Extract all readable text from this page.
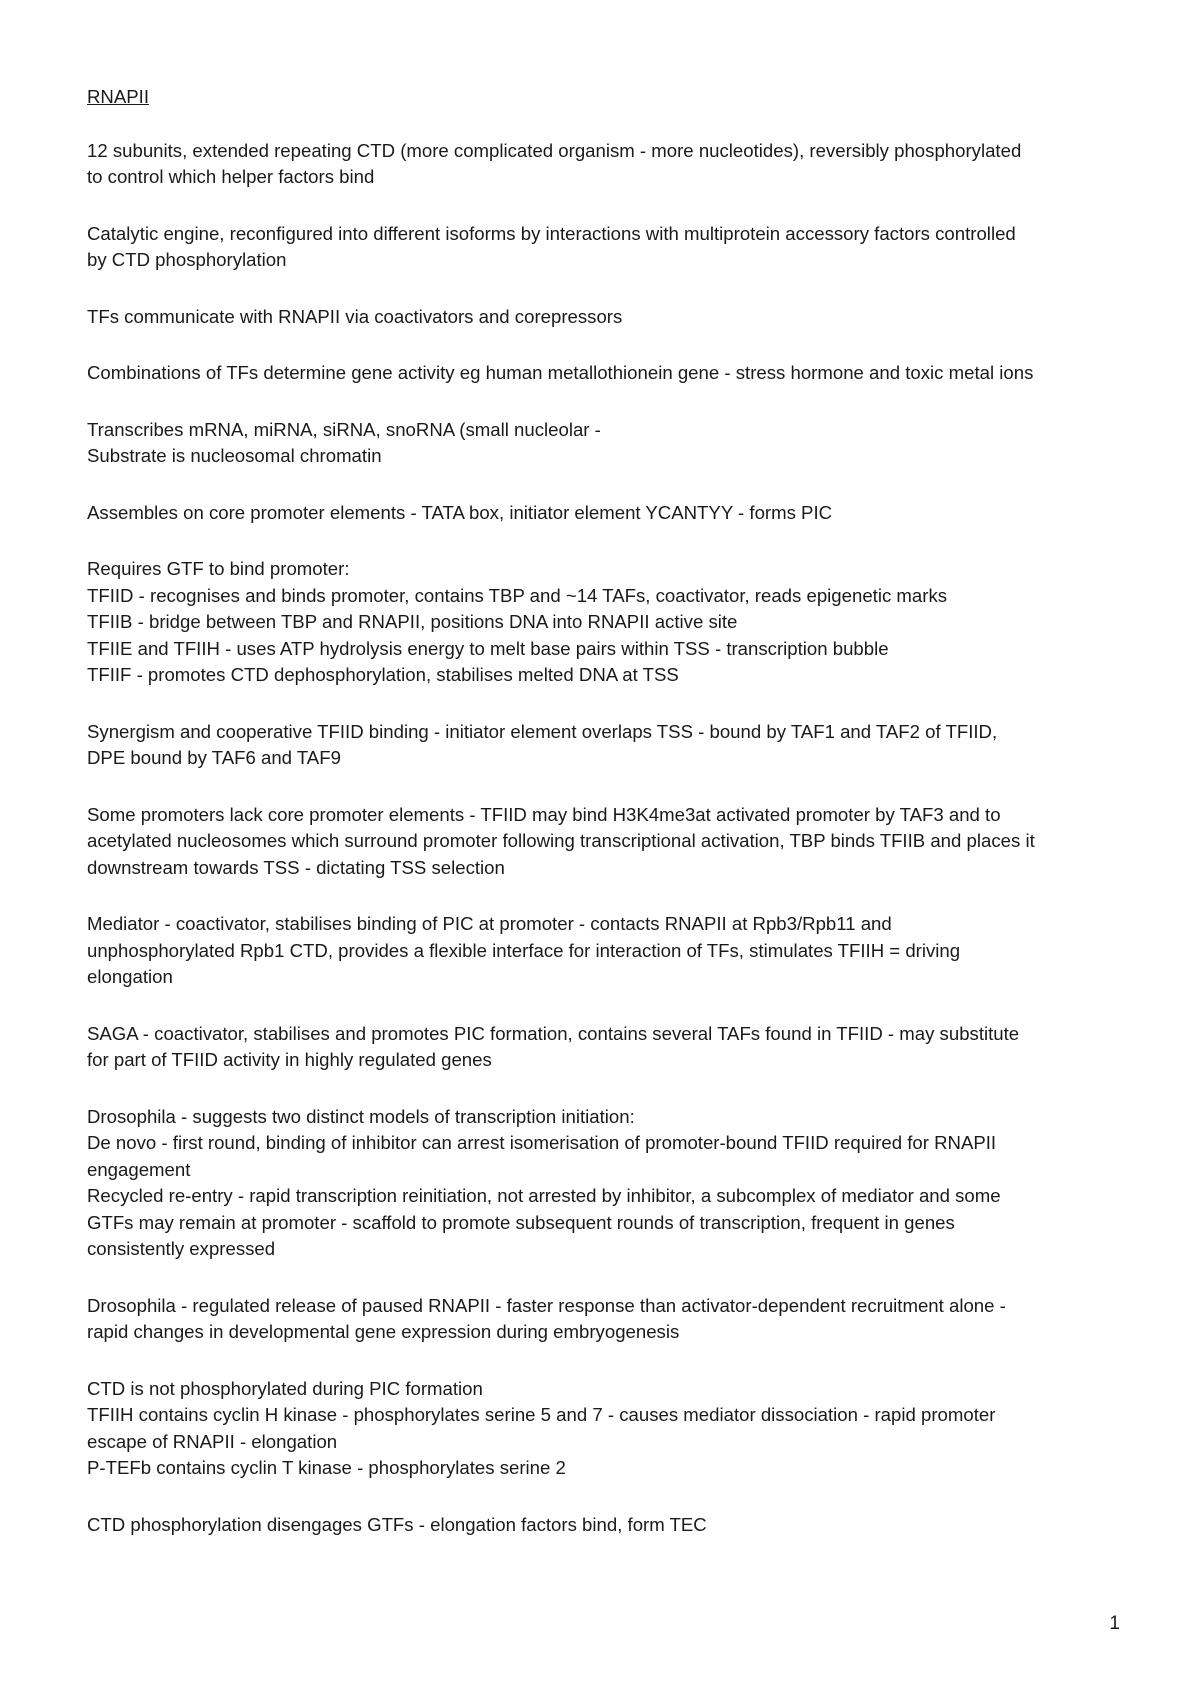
RNAPII
12 subunits, extended repeating CTD (more complicated organism - more nucleotides), reversibly phosphorylated
to control which helper factors bind
Catalytic engine, reconfigured into different isoforms by interactions with multiprotein accessory factors controlled
by CTD phosphorylation
TFs communicate with RNAPII via coactivators and corepressors
Combinations of TFs determine gene activity eg human metallothionein gene - stress hormone and toxic metal ions
Transcribes mRNA, miRNA, siRNA, snoRNA (small nucleolar -
Substrate is nucleosomal chromatin
Assembles on core promoter elements - TATA box, initiator element YCANTYY - forms PIC
Requires GTF to bind promoter:
TFIID - recognises and binds promoter, contains TBP and ~14 TAFs, coactivator, reads epigenetic marks
TFIIB - bridge between TBP and RNAPII, positions DNA into RNAPII active site
TFIIE and TFIIH - uses ATP hydrolysis energy to melt base pairs within TSS - transcription bubble
TFIIF - promotes CTD dephosphorylation, stabilises melted DNA at TSS
Synergism and cooperative TFIID binding - initiator element overlaps TSS - bound by TAF1 and TAF2 of TFIID,
DPE bound by TAF6 and TAF9
Some promoters lack core promoter elements - TFIID may bind H3K4me3at activated promoter by TAF3 and to
acetylated nucleosomes which surround promoter following transcriptional activation, TBP binds TFIIB and places it
downstream towards TSS - dictating TSS selection
Mediator - coactivator, stabilises binding of PIC at promoter - contacts RNAPII at Rpb3/Rpb11 and
unphosphorylated Rpb1 CTD, provides a flexible interface for interaction of TFs, stimulates TFIIH = driving
elongation
SAGA - coactivator, stabilises and promotes PIC formation, contains several TAFs found in TFIID - may substitute
for part of TFIID activity in highly regulated genes
Drosophila - suggests two distinct models of transcription initiation:
De novo - first round, binding of inhibitor can arrest isomerisation of promoter-bound TFIID required for RNAPII
engagement
Recycled re-entry - rapid transcription reinitiation, not arrested by inhibitor, a subcomplex of mediator and some
GTFs may remain at promoter - scaffold to promote subsequent rounds of transcription, frequent in genes
consistently expressed
Drosophila - regulated release of paused RNAPII - faster response than activator-dependent recruitment alone -
rapid changes in developmental gene expression during embryogenesis
CTD is not phosphorylated during PIC formation
TFIIH contains cyclin H kinase - phosphorylates serine 5 and 7 - causes mediator dissociation - rapid promoter
escape of RNAPII - elongation
P-TEFb contains cyclin T kinase - phosphorylates serine 2
CTD phosphorylation disengages GTFs - elongation factors bind, form TEC
1
